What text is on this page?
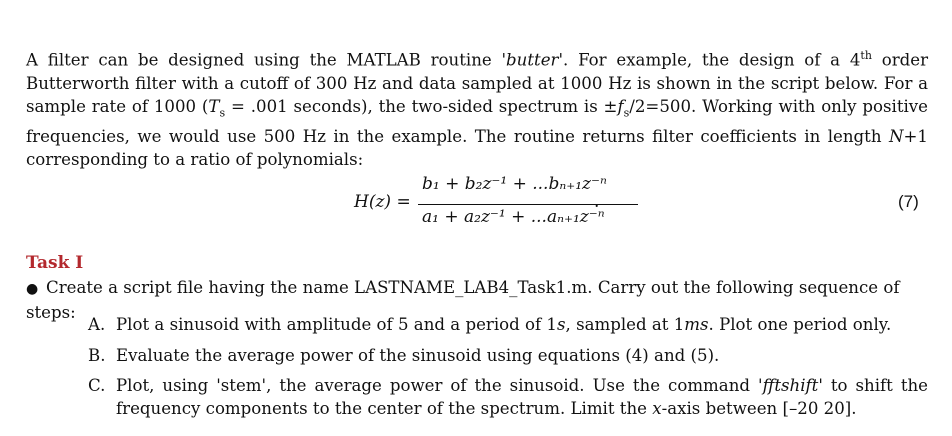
A filter can be designed using the MATLAB routine 'butter'. For example, the design of a 4th order Butterworth filter with a cutoff of 300 Hz and data sampled at 1000 Hz is shown in the script below. For a sample rate of 1000 ($T_s = .001$ seconds), the two-sided spectrum is $\pm f_s/2=500$. Working with only positive frequencies, we would use 500 Hz in the example. The routine returns filter coefficients in length N+1 corresponding to a ratio of polynomials:
H(z) =
b₁ + b₂z⁻¹ + ...bₙ₊₁z⁻ⁿ
a₁ + a₂z⁻¹ + ...aₙ₊₁z⁻ⁿ
.	(7)
Task I
● Create a script file having the name LASTNAME_LAB4_Task1.m. Carry out the following sequence of steps:
A. Plot a sinusoid with amplitude of 5 and a period of 1s, sampled at 1ms. Plot one period only.
B. Evaluate the average power of the sinusoid using equations (4) and (5).
C. Plot, using 'stem', the average power of the sinusoid. Use the command 'fftshift' to shift the frequency components to the center of the spectrum. Limit the x-axis between [–20 20].
